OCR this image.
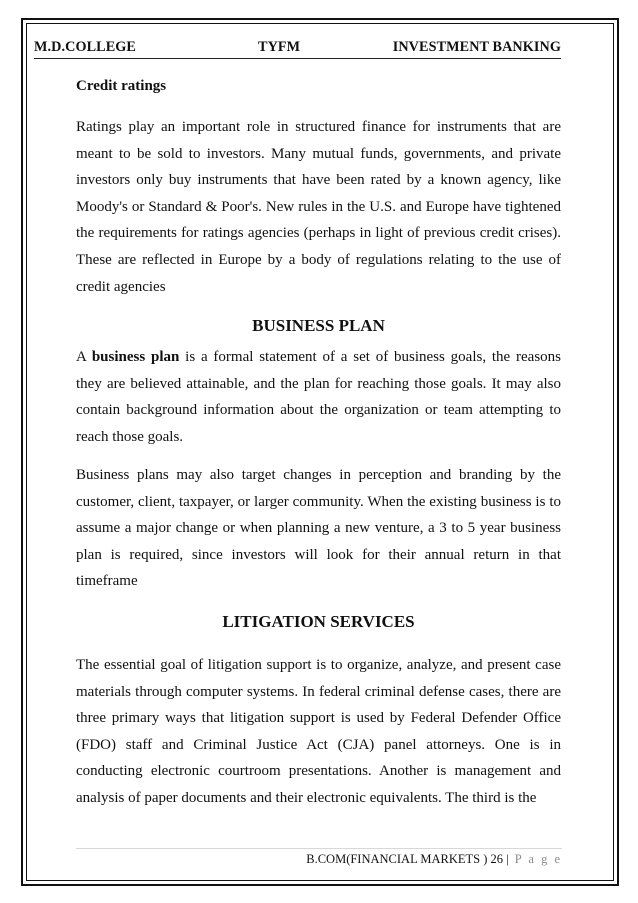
M.D.COLLEGE	TYFM	INVESTMENT BANKING
Credit ratings

Ratings play an important role in structured finance for instruments that are meant to be sold to investors. Many mutual funds, governments, and private investors only buy instruments that have been rated by a known agency, like Moody's or Standard & Poor's. New rules in the U.S. and Europe have tightened the requirements for ratings agencies (perhaps in light of previous credit crises). These are reflected in Europe by a body of regulations relating to the use of credit agencies

BUSINESS PLAN

A business plan is a formal statement of a set of business goals, the reasons they are believed attainable, and the plan for reaching those goals. It may also contain background information about the organization or team attempting to reach those goals.

Business plans may also target changes in perception and branding by the customer, client, taxpayer, or larger community. When the existing business is to assume a major change or when planning a new venture, a 3 to 5 year business plan is required, since investors will look for their annual return in that timeframe

LITIGATION SERVICES

The essential goal of litigation support is to organize, analyze, and present case materials through computer systems. In federal criminal defense cases, there are three primary ways that litigation support is used by Federal Defender Office (FDO) staff and Criminal Justice Act (CJA) panel attorneys. One is in conducting electronic courtroom presentations. Another is management and analysis of paper documents and their electronic equivalents. The third is the

B.COM(FINANCIAL MARKETS ) 26 | P a g e
